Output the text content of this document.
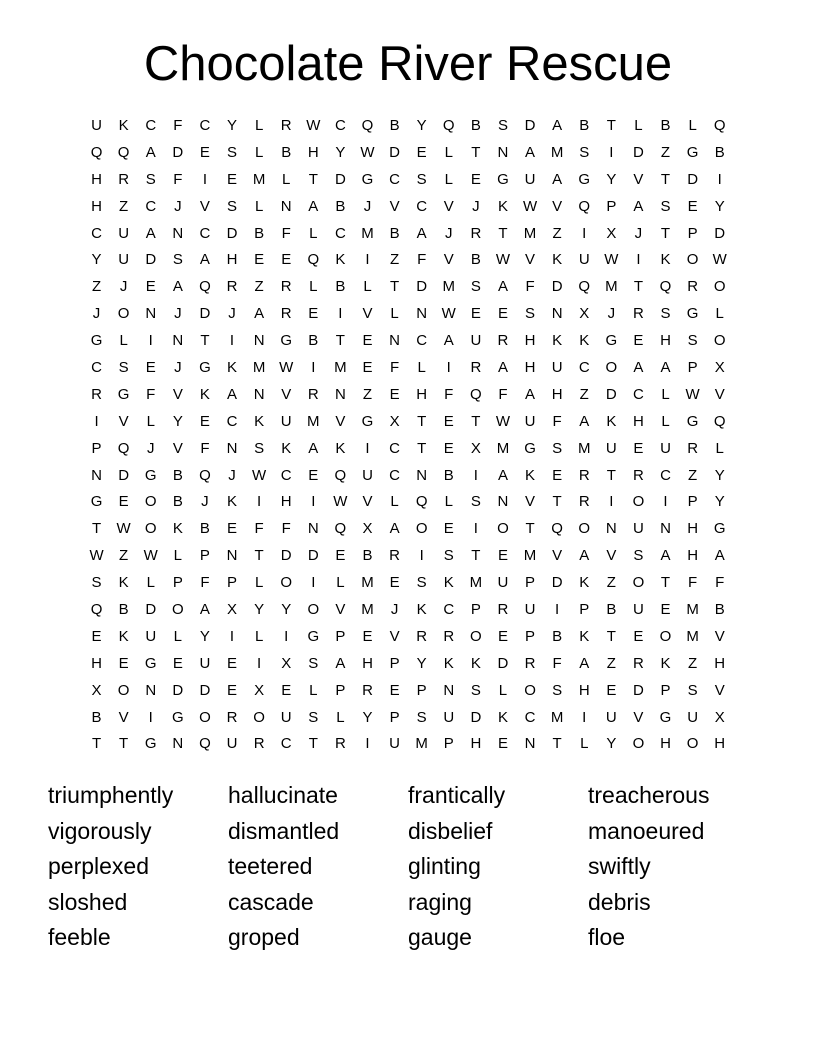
Chocolate River Rescue
U	K	C	F	C	Y	L	R W C	Q	B	Y	Q	B	S	D	A	B	T	L	B	L	Q
Q	Q	A	D	E	S	L	B	H	Y	W D	E	L	T	N	A	M	S	I	D	Z	G	B
H	R	S	F	I	E	M	L	T	D	G	C	S	L	E	G	U	A	G	Y	V	T	D	I
H	Z	C	J	V	S	L	N	A	B	J	V	C	V	J	K	W	V	Q	P	A	S	E	Y
C	U	A	N	C	D	B	F	L	C	M	B	A	J	R	T	M	Z	I	X	J	T	P	D
Y	U	D	S	A	H	E	E	Q	K	I	Z	F	V	B	W	V	K	U W	I	K	O W
Z	J	E	A	Q	R	Z	R	L	B	L	T	D	M	S	A	F	D	Q	M	T	Q	R	O
J	O	N	J	D	J	A	R	E	I	V	L	N W	E	E	S	N	X	J	R	S	G	L
G	L	I	N	T	I	N	G	B	T	E	N	C	A	U	R	H	K	K	G	E	H	S	O
C	S	E	J	G	K	M W	I	M	E	F	L	I	R	A	H	U	C	O	A	A	P	X
R	G	F	V	K	A	N	V	R	N	Z	E	H	F	Q	F	A	H	Z	D	C	L	W	V
I	V	L	Y	E	C	K	U	M	V	G	X	T	E	T	W U	F	A	K	H	L	G	Q
P	Q	J	V	F	N	S	K	A	K	I	C	T	E	X	M	G	S	M	U	E	U	R	L
N	D	G	B	Q	J	W C	E	Q	U	C	N	B	I	A	K	E	R	T	R	C	Z	Y
G	E	O	B	J	K	I	H	I	W	V	L	Q	L	S	N	V	T	R	I	O	I	P	Y
T	W O	K	B	E	F	F	N	Q	X	A	O	E	I	O	T	Q	O	N	U	N	H	G
W	Z	W	L	P	N	T	D	D	E	B	R	I	S	T	E	M	V	A	V	S	A	H	A
S	K	L	P	F	P	L	O	I	L	M	E	S	K	M	U	P	D	K	Z	O	T	F	F
Q	B	D	O	A	X	Y	Y	O	V	M	J	K	C	P	R	U	I	P	B	U	E	M	B
E	K	U	L	Y	I	L	I	G	P	E	V	R	R	O	E	P	B	K	T	E	O	M	V
H	E	G	E	U	E	I	X	S	A	H	P	Y	K	K	D	R	F	A	Z	R	K	Z	H
X	O	N	D	D	E	X	E	L	P	R	E	P	N	S	L	O	S	H	E	D	P	S	V
B	V	I	G	O	R	O	U	S	L	Y	P	S	U	D	K	C	M	I	U	V	G	U	X
T	T	G	N	Q	U	R	C	T	R	I	U	M	P	H	E	N	T	L	Y	O	H	O	H
triumphently	hallucinate	frantically	treacherous
vigorously	dismantled	disbelief	manoeured
perplexed	teetered	glinting	swiftly
sloshed	cascade	raging	debris
feeble	groped	gauge	floe
